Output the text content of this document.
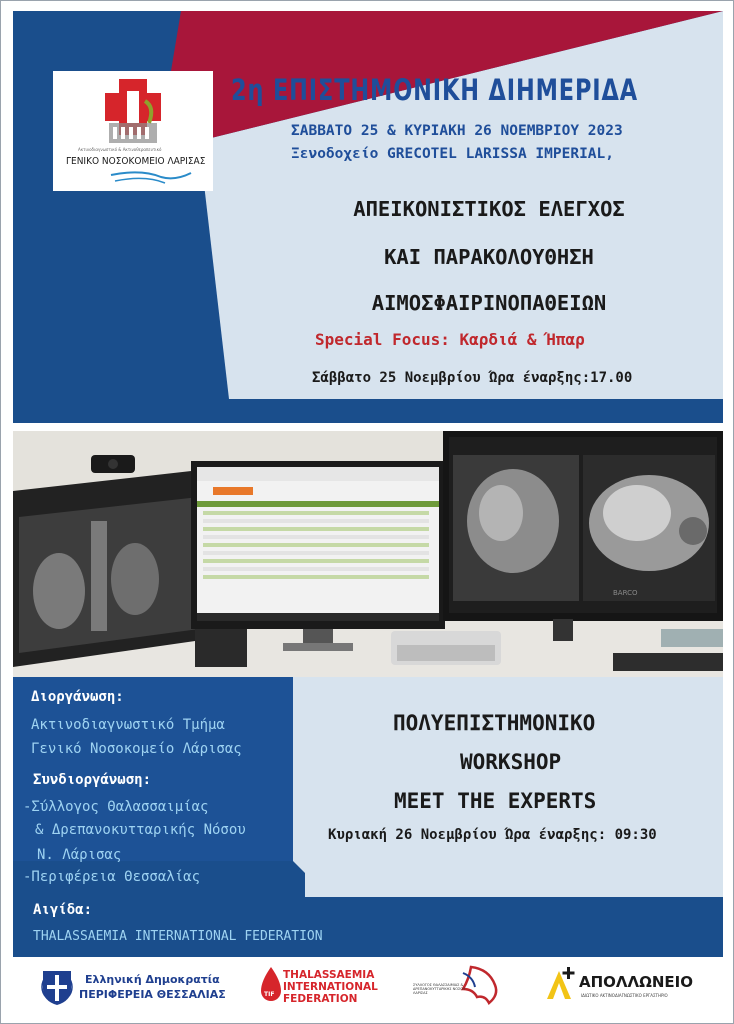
Ακτινοδιαγνωστικό & Ακτινοθεραπευτικό
ΓΕΝΙΚΟ ΝΟΣΟΚΟΜΕΙΟ ΛΑΡΙΣΑΣ
2η ΕΠΙΣΤΗΜΟΝΙΚΗ ΔΙΗΜΕΡΙΔΑ
ΣΑΒΒΑΤΟ 25 & ΚΥΡΙΑΚΗ 26 ΝΟΕΜΒΡΙΟΥ 2023
Ξενοδοχείο GRECOTEL LARISSA IMPERIAL,
ΑΠΕΙΚΟΝΙΣΤΙΚΟΣ ΕΛΕΓΧΟΣ
ΚΑΙ ΠΑΡΑΚΟΛΟΥΘΗΣΗ
ΑΙΜΟΣΦΑΙΡΙΝΟΠΑΘΕΙΩΝ
Special Focus: Καρδιά & Ήπαρ
Σάββατο 25 Νοεμβρίου Ώρα έναρξης:17.00
BARCO
Διοργάνωση:
Ακτινοδιαγνωστικό Τμήμα
Γενικό Νοσοκομείο Λάρισας
Συνδιοργάνωση:
-Σύλλογος Θαλασσαιμίας
& Δρεπανοκυτταρικής Νόσου
Ν. Λάρισας
-Περιφέρεια Θεσσαλίας
Αιγίδα:
THALASSAEMIA INTERNATIONAL FEDERATION
ΠΟΛΥΕΠΙΣΤΗΜΟΝΙΚΟ
WORKSHOP
MEET THE EXPERTS
Κυριακή 26 Νοεμβρίου Ώρα έναρξης: 09:30
Ελληνική Δημοκρατία
ΠΕΡΙΦΕΡΕΙΑ ΘΕΣΣΑΛΙΑΣ	TIF
THALASSAEMIA
INTERNATIONAL
FEDERATION
ΣΥΛΛΟΓΟΣ ΘΑΛΑΣΣΑΙΜΙΑΣ & ΔΡΕΠΑΝΟΚΥΤΤΑΡΙΚΗΣ ΝΟΣΟΥ ΛΑΡΙΣΑΣ
ΑΠΟΛΛΩΝΕΙΟ
ΙΔΙΩΤΙΚΟ ΑΚΤΙΝΟΔΙΑΓΝΩΣΤΙΚΟ ΕΡΓΑΣΤΗΡΙΟ
